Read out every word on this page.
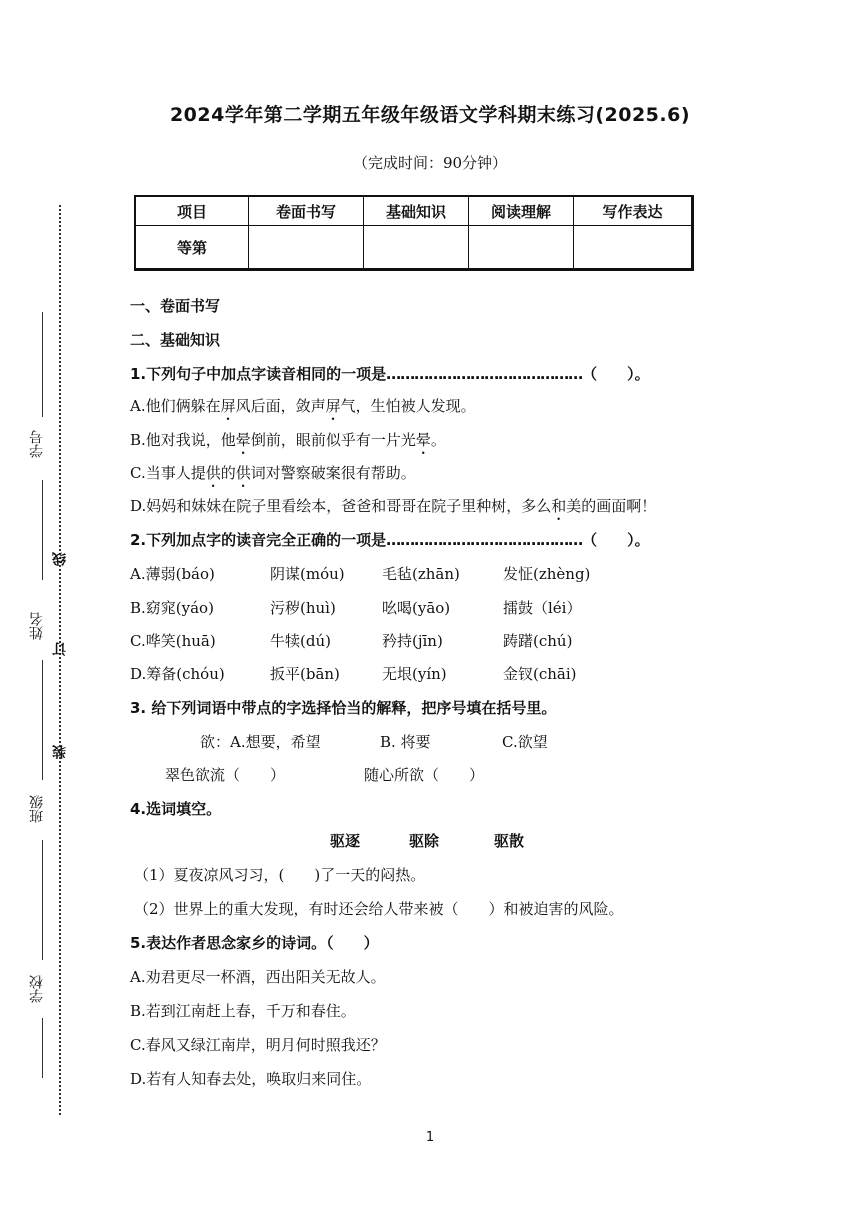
学号
姓名
班级
学校
线
订
装
2024学年第二学期五年级年级语文学科期末练习(2025.6)
（完成时间：90分钟）
项目	卷面书写	基础知识	阅读理解	写作表达
等第				
一、卷面书写
二、基础知识
1.下列句子中加点字读音相同的一项是……………………………………（　　）。
A.他们俩躲在屏风后面，敛声屏气，生怕被人发现。
B.他对我说，他晕倒前，眼前似乎有一片光晕。
C.当事人提供的供词对警察破案很有帮助。
D.妈妈和妹妹在院子里看绘本，爸爸和哥哥在院子里种树，多么和美的画面啊！
2.下列加点字的读音完全正确的一项是……………………………………（　　）。
A.薄弱(báo)	阴谋(móu) 毛毡(zhān)	发怔(zhèng)
B.窈窕(yáo)	污秽(huì)	吆喝(yāo)	擂鼓（léi）
C.哗笑(huā)	牛犊(dú)	矜持(jīn)	踌躇(chú)
D.筹备(chóu)	扳平(bān)	无垠(yín)	金钗(chāi)
3. 给下列词语中带点的字选择恰当的解释，把序号填在括号里。
欲：A.想要，希望	B. 将要	C.欲望
翠色欲流（　　）	随心所欲（　　）
4.选词填空。
驱逐	驱除	驱散
（1）夏夜凉风习习，(　　)了一天的闷热。
（2）世界上的重大发现，有时还会给人带来被（　　）和被迫害的风险。
5.表达作者思念家乡的诗词。（　　）
A.劝君更尽一杯酒，西出阳关无故人。
B.若到江南赶上春，千万和春住。
C.春风又绿江南岸，明月何时照我还？
D.若有人知春去处，唤取归来同住。
1
